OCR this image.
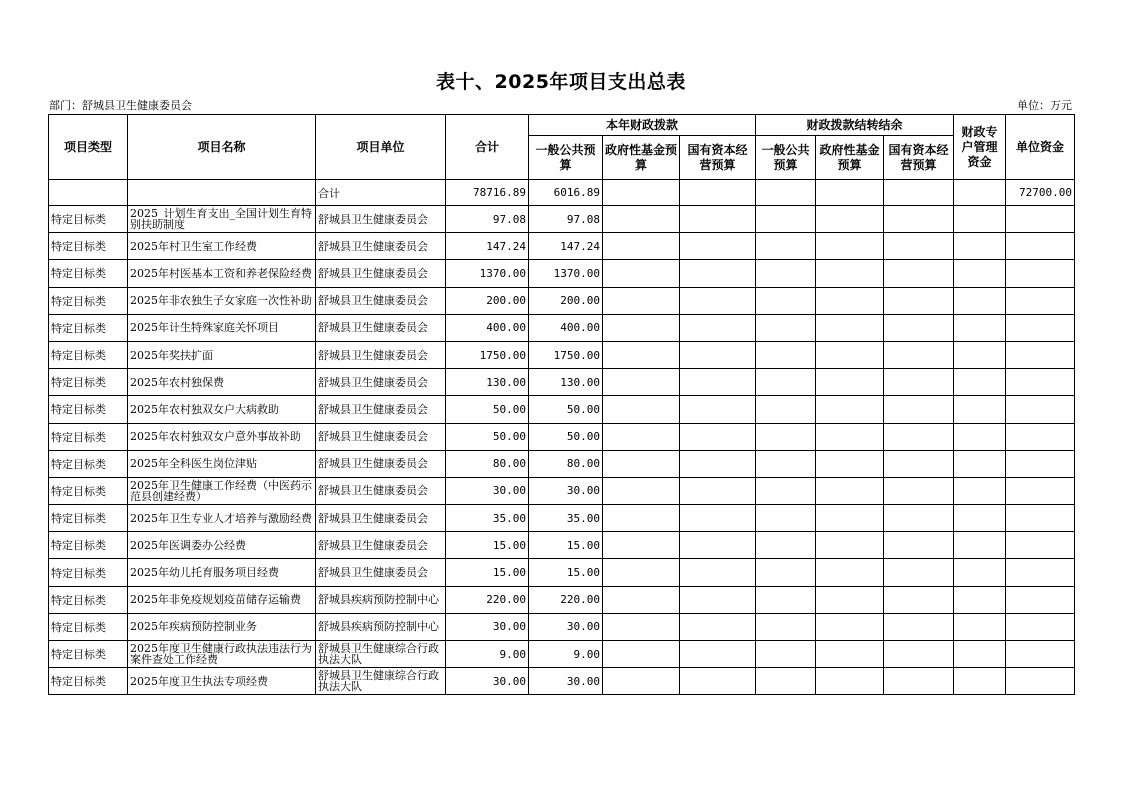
表十、2025年项目支出总表
部门：舒城县卫生健康委员会	单位：万元
项目类型	项目名称	项目单位	合计	本年财政拨款			财政拨款结转结余			财政专户管理资金	单位资金
				一般公共预算	政府性基金预算	国有资本经营预算	一般公共预算	政府性基金预算	国有资本经营预算		
		合计	78716.89	6016.89							72700.00
特定目标类	2025_计划生育支出_全国计划生育特别扶助制度	舒城县卫生健康委员会	97.08	97.08							
特定目标类	2025年村卫生室工作经费	舒城县卫生健康委员会	147.24	147.24							
特定目标类	2025年村医基本工资和养老保险经费	舒城县卫生健康委员会	1370.00	1370.00							
特定目标类	2025年非农独生子女家庭一次性补助	舒城县卫生健康委员会	200.00	200.00							
特定目标类	2025年计生特殊家庭关怀项目	舒城县卫生健康委员会	400.00	400.00							
特定目标类	2025年奖扶扩面	舒城县卫生健康委员会	1750.00	1750.00							
特定目标类	2025年农村独保费	舒城县卫生健康委员会	130.00	130.00							
特定目标类	2025年农村独双女户大病救助	舒城县卫生健康委员会	50.00	50.00							
特定目标类	2025年农村独双女户意外事故补助	舒城县卫生健康委员会	50.00	50.00							
特定目标类	2025年全科医生岗位津贴	舒城县卫生健康委员会	80.00	80.00							
特定目标类	2025年卫生健康工作经费（中医药示范县创建经费）	舒城县卫生健康委员会	30.00	30.00							
特定目标类	2025年卫生专业人才培养与激励经费	舒城县卫生健康委员会	35.00	35.00							
特定目标类	2025年医调委办公经费	舒城县卫生健康委员会	15.00	15.00							
特定目标类	2025年幼儿托育服务项目经费	舒城县卫生健康委员会	15.00	15.00							
特定目标类	2025年非免疫规划疫苗储存运输费	舒城县疾病预防控制中心	220.00	220.00							
特定目标类	2025年疾病预防控制业务	舒城县疾病预防控制中心	30.00	30.00							
特定目标类	2025年度卫生健康行政执法违法行为案件查处工作经费	舒城县卫生健康综合行政执法大队	9.00	9.00							
特定目标类	2025年度卫生执法专项经费	舒城县卫生健康综合行政执法大队	30.00	30.00							
